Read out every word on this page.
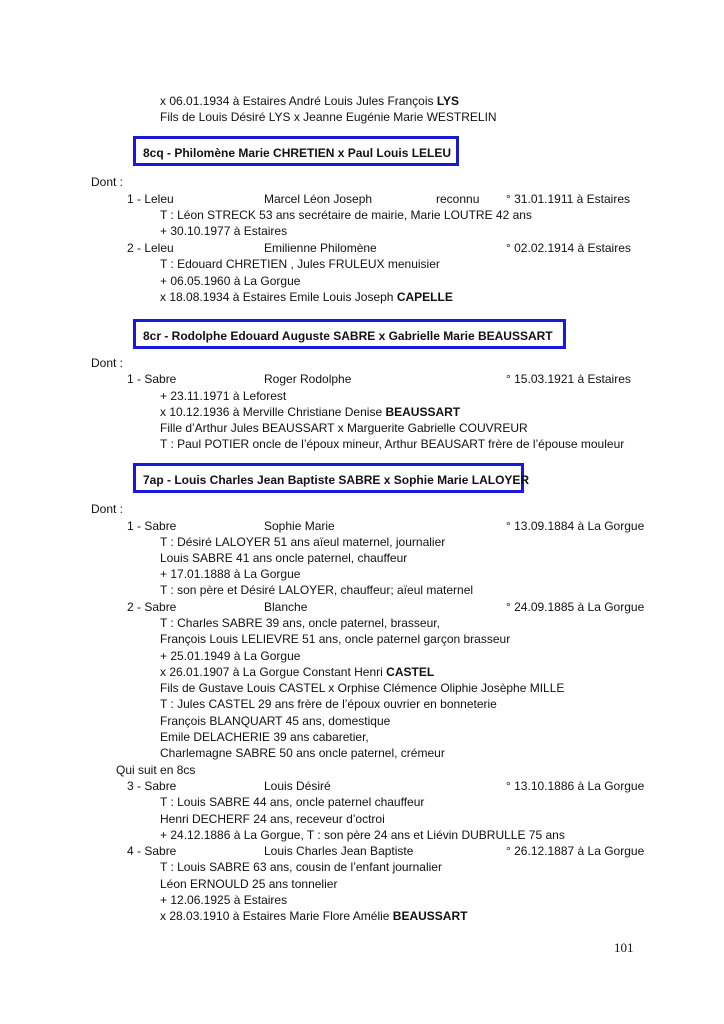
x 06.01.1934 à Estaires André Louis Jules François LYS
Fils de Louis Désiré LYS x Jeanne Eugénie Marie WESTRELIN
8cq - Philomène Marie CHRETIEN x Paul Louis LELEU
Dont :
1 - Leleu	Marcel Léon Joseph	reconnu ° 31.01.1911 à Estaires
T : Léon STRECK 53 ans secrétaire de mairie, Marie LOUTRE 42 ans
+ 30.10.1977 à Estaires
2 - Leleu	Emilienne Philomène	° 02.02.1914 à Estaires
T : Edouard CHRETIEN , Jules FRULEUX menuisier
+ 06.05.1960 à La Gorgue
x 18.08.1934 à Estaires Emile Louis Joseph CAPELLE
8cr - Rodolphe Edouard Auguste SABRE x Gabrielle Marie BEAUSSART
Dont :
1 - Sabre	Roger Rodolphe	° 15.03.1921 à Estaires
+ 23.11.1971 à Leforest
x 10.12.1936 à Merville Christiane Denise BEAUSSART
Fille d’Arthur Jules BEAUSSART x Marguerite Gabrielle COUVREUR
T : Paul POTIER oncle de l’époux mineur, Arthur BEAUSART frère de l’épouse mouleur
7ap - Louis Charles Jean Baptiste SABRE x Sophie Marie LALOYER
Dont :
1 - Sabre	Sophie Marie	° 13.09.1884 à La Gorgue
T : Désiré LALOYER 51 ans aïeul maternel, journalier
Louis SABRE 41 ans oncle paternel, chauffeur
+ 17.01.1888 à La Gorgue
T : son père et Désiré LALOYER, chauffeur; aïeul maternel
2 - Sabre	Blanche	° 24.09.1885 à La Gorgue
T : Charles SABRE 39 ans, oncle paternel, brasseur,
François Louis LELIEVRE 51 ans, oncle paternel garçon brasseur
+ 25.01.1949 à La Gorgue
x 26.01.1907 à La Gorgue Constant Henri CASTEL
Fils de Gustave Louis CASTEL x Orphise Clémence Oliphie Josèphe MILLE
T : Jules CASTEL 29 ans frère de l’époux ouvrier en bonneterie
François BLANQUART 45 ans, domestique
Emile DELACHERIE 39 ans cabaretier,
Charlemagne SABRE 50 ans oncle paternel, crémeur
Qui suit en 8cs
3 - Sabre	Louis Désiré	° 13.10.1886 à La Gorgue
T : Louis SABRE 44 ans, oncle paternel chauffeur
Henri DECHERF 24 ans, receveur d’octroi
+ 24.12.1886 à La Gorgue, T : son père 24 ans et Liévin DUBRULLE 75 ans
4 - Sabre	Louis Charles Jean Baptiste	° 26.12.1887 à La Gorgue
T : Louis SABRE 63 ans, cousin de l’enfant journalier
Léon ERNOULD 25 ans tonnelier
+ 12.06.1925 à Estaires
x 28.03.1910 à Estaires Marie Flore Amélie BEAUSSART
101
